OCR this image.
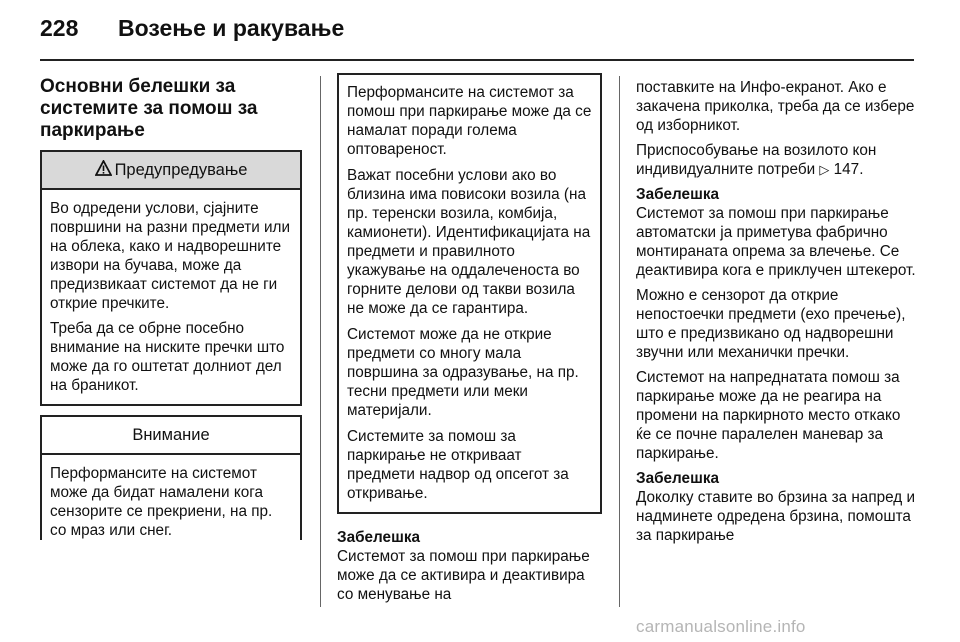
228	Возење и ракување
Основни белешки за системите за помош за паркирање
Предупредување

Во одредени услови, сјајните површини на разни предмети или на облека, како и надворешните извори на бучава, може да предизвикаат системот да не ги открие пречките.

Треба да се обрне посебно внимание на ниските пречки што може да го оштетат долниот дел на браникот.

Внимание

Перформансите на системот може да бидат намалени кога сензорите се прекриени, на пр. со мраз или снег.

Перформансите на системот за помош при паркирање може да се намалат поради голема оптовареност.

Важат посебни услови ако во близина има повисоки возила (на пр. теренски возила, комбија, камионети). Идентификацијата на предмети и правилното укажување на оддалеченоста во горните делови од такви возила не може да се гарантира.

Системот може да не открие предмети со многу мала површина за одразување, на пр. тесни предмети или меки материјали.

Системите за помош за паркирање не откриваат предмети надвор од опсегот за откривање.

Забелешка

Системот за помош при паркирање може да се активира и деактивира со менување на

поставките на Инфо-екранот. Ако е закачена приколка, треба да се избере од изборникот.

Приспособување на возилото кон индивидуалните потреби ▷ 147.

Забелешка

Системот за помош при паркирање автоматски ја приметува фабрично монтираната опрема за влечење. Се деактивира кога е приклучен штекерот.

Можно е сензорот да открие непостоечки предмети (ехо пречење), што е предизвикано од надворешни звучни или механички пречки.

Системот на напреднатата помош за паркирање може да не реагира на промени на паркирното место откако ќе се почне паралелен маневар за паркирање.

Забелешка

Доколку ставите во брзина за напред и надминете одредена брзина, помошта за паркирање

carmanualsonline.info
